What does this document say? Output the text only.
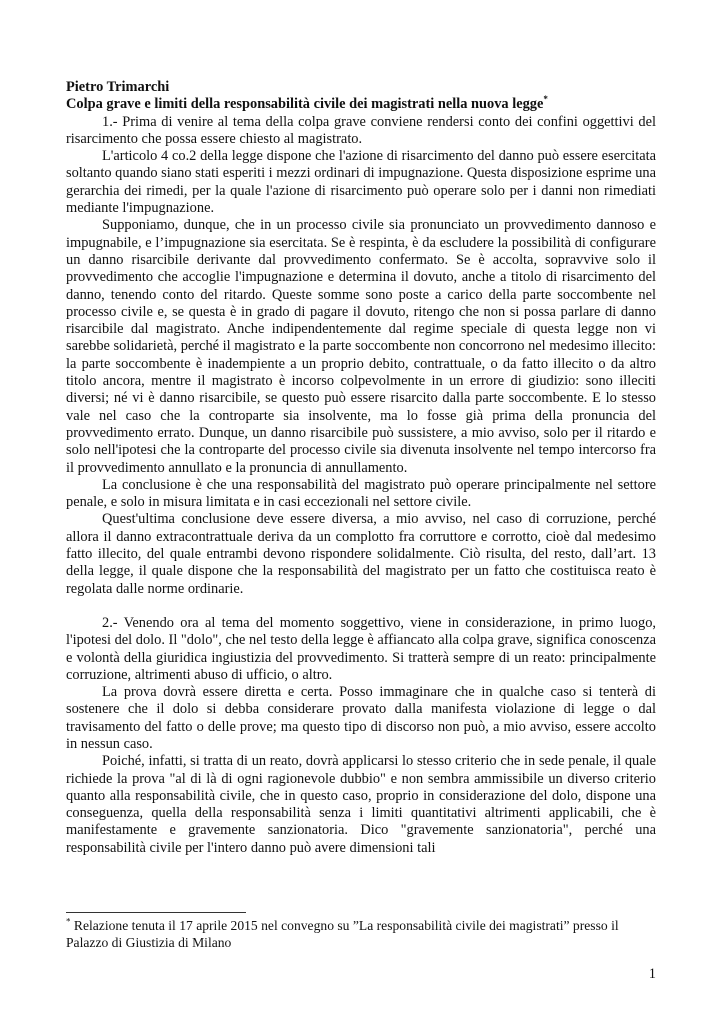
Pietro Trimarchi

Colpa grave e limiti della responsabilità civile dei magistrati nella nuova legge*

1.- Prima di venire al tema della colpa grave conviene rendersi conto dei confini oggettivi del risarcimento che possa essere chiesto al magistrato.

L'articolo 4 co.2 della legge dispone che l'azione di risarcimento del danno può essere esercitata soltanto quando siano stati esperiti i mezzi ordinari di impugnazione. Questa disposizione esprime una gerarchia dei rimedi, per la quale l'azione di risarcimento può operare solo per i danni non rimediati mediante l'impugnazione.

Supponiamo, dunque, che in un processo civile sia pronunciato un provvedimento dannoso e impugnabile, e l’impugnazione sia esercitata. Se è respinta, è da escludere la possibilità di configurare un danno risarcibile derivante dal provvedimento confermato. Se è accolta, sopravvive solo il provvedimento che accoglie l'impugnazione e determina il dovuto, anche a titolo di risarcimento del danno, tenendo conto del ritardo. Queste somme sono poste a carico della parte soccombente nel processo civile e, se questa è in grado di pagare il dovuto, ritengo che non si possa parlare di danno risarcibile dal magistrato. Anche indipendentemente dal regime speciale di questa legge non vi sarebbe solidarietà, perché il magistrato e la parte soccombente non concorrono nel medesimo illecito: la parte soccombente è inadempiente a un proprio debito, contrattuale, o da fatto illecito o da altro titolo ancora, mentre il magistrato è incorso colpevolmente in un errore di giudizio: sono illeciti diversi; né vi è danno risarcibile, se questo può essere risarcito dalla parte soccombente. E lo stesso vale nel caso che la controparte sia insolvente, ma lo fosse già prima della pronuncia del provvedimento errato. Dunque, un danno risarcibile può sussistere, a mio avviso, solo per il ritardo e solo nell'ipotesi che la controparte del processo civile sia divenuta insolvente nel tempo intercorso fra il provvedimento annullato e la pronuncia di annullamento.

La conclusione è che una responsabilità del magistrato può operare principalmente nel settore penale, e solo in misura limitata e in casi eccezionali nel settore civile.

Quest'ultima conclusione deve essere diversa, a mio avviso, nel caso di corruzione, perché allora il danno extracontrattuale deriva da un complotto fra corruttore e corrotto, cioè dal medesimo fatto illecito, del quale entrambi devono rispondere solidalmente. Ciò risulta, del resto, dall’art. 13 della legge, il quale dispone che la responsabilità del magistrato per un fatto che costituisca reato è regolata dalle norme ordinarie.

2.- Venendo ora al tema del momento soggettivo, viene in considerazione, in primo luogo, l'ipotesi del dolo. Il "dolo", che nel testo della legge è affiancato alla colpa grave, significa conoscenza e volontà della giuridica ingiustizia del provvedimento. Si tratterà sempre di un reato: principalmente corruzione, altrimenti abuso di ufficio, o altro.

La prova dovrà essere diretta e certa. Posso immaginare che in qualche caso si tenterà di sostenere che il dolo si debba considerare provato dalla manifesta violazione di legge o dal travisamento del fatto o delle prove; ma questo tipo di discorso non può, a mio avviso, essere accolto in nessun caso.

Poiché, infatti, si tratta di un reato, dovrà applicarsi lo stesso criterio che in sede penale, il quale richiede la prova "al di là di ogni ragionevole dubbio" e non sembra ammissibile un diverso criterio quanto alla responsabilità civile, che in questo caso, proprio in considerazione del dolo, dispone una conseguenza, quella della responsabilità senza i limiti quantitativi altrimenti applicabili, che è manifestamente e gravemente sanzionatoria. Dico "gravemente sanzionatoria", perché una responsabilità civile per l'intero danno può avere dimensioni tali

* Relazione tenuta il 17 aprile 2015 nel convegno su ”La responsabilità civile dei magistrati” presso il Palazzo di Giustizia di Milano
1
